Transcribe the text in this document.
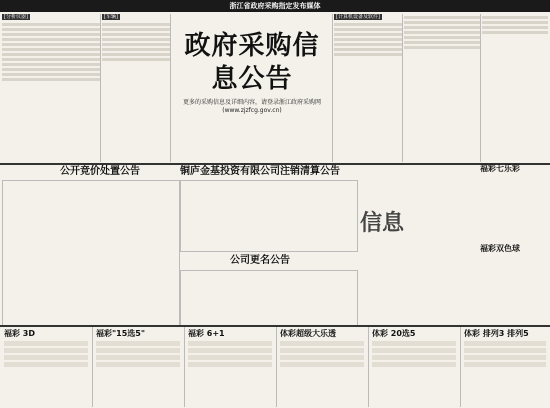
浙江省政府采购指定发布媒体
[分析仪器]	[车辆]
政府采购信息公告
更多的采购信息及详细内容，请登录浙江政府采购网(www.zjzfcg.gov.cn)
[计算机设备及软件]
公开竞价处置公告	铜庐金基投资有限公司注销清算公告
公司更名公告
信息
福彩七乐彩
福彩双色球
福彩 3D	福彩"15选5"	福彩 6+1	体彩超级大乐透	体彩 20选5	体彩 排列3 排列5
